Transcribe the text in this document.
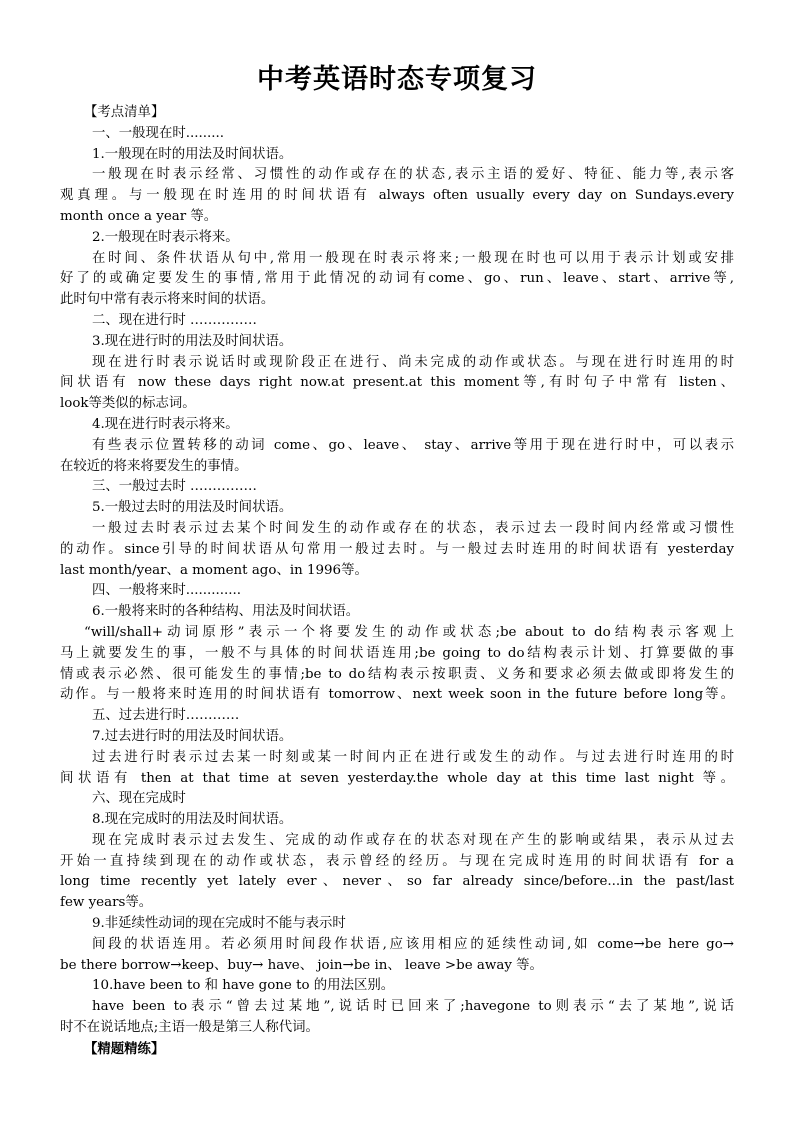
中考英语时态专项复习

【考点清单】

一、一般现在时.........

1.一般现在时的用法及时间状语。

一般现在时表示经常、习惯性的动作或存在的状态,表示主语的爱好、特征、能力等,表示客

观真理。与一般现在时连用的时间状语有 always often usually every day on Sundays.every

month once a year 等。

2.一般现在时表示将来。

在时间、条件状语从句中,常用一般现在时表示将来;一般现在时也可以用于表示计划或安排

好了的或确定要发生的事情,常用于此情况的动词有come、go、run、leave、start、arrive等,

此时句中常有表示将来时间的状语。

二、现在进行时 ……………

3.现在进行时的用法及时间状语。

现在进行时表示说话时或现阶段正在进行、尚未完成的动作或状态。与现在进行时连用的时

间状语有 now these days right now.at present.at this moment等,有时句子中常有 listen、

look等类似的标志词。

4.现在进行时表示将来。

有些表示位置转移的动词 come、go、leave、 stay、arrive等用于现在进行时中，可以表示

在较近的将来将要发生的事情。

三、一般过去时 ……………

5.一般过去时的用法及时间状语。

一般过去时表示过去某个时间发生的动作或存在的状态，表示过去一段时间内经常或习惯性

的动作。since引导的时间状语从句常用一般过去时。与一般过去时连用的时间状语有 yesterday

last month/year、a moment ago、in 1996等。

四、一般将来时.............

6.一般将来时的各种结构、用法及时间状语。

“will/shall+动词原形”表示一个将要发生的动作或状态;be about to do结构表示客观上

马上就要发生的事，一般不与具体的时间状语连用;be going to do结构表示计划、打算要做的事

情或表示必然、很可能发生的事情;be to do结构表示按职责、义务和要求必须去做或即将发生的

动作。与一般将来时连用的时间状语有 tomorrow、next week soon in the future before long等。

五、过去进行时…………

7.过去进行时的用法及时间状语。

过去进行时表示过去某一时刻或某一时间内正在进行或发生的动作。与过去进行时连用的时

间状语有 then at that time at seven yesterday.the whole day at this time last night 等。

六、现在完成时

8.现在完成时的用法及时间状语。

现在完成时表示过去发生、完成的动作或存在的状态对现在产生的影响或结果，表示从过去

开始一直持续到现在的动作或状态，表示曾经的经历。与现在完成时连用的时间状语有 for a

long time recently yet lately ever、never、so far already since/before...in the past/last

few years等。

9.非延续性动词的现在完成时不能与表示时

间段的状语连用。若必须用时间段作状语,应该用相应的延续性动词,如 come→be here go→

be there borrow→keep、buy→ have、 join→be in、 leave >be away 等。

10.have been to 和 have gone to 的用法区别。

have been to表示“曾去过某地”,说话时已回来了;havegone to则表示“去了某地”,说话

时不在说话地点;主语一般是第三人称代词。

【精题精练】
